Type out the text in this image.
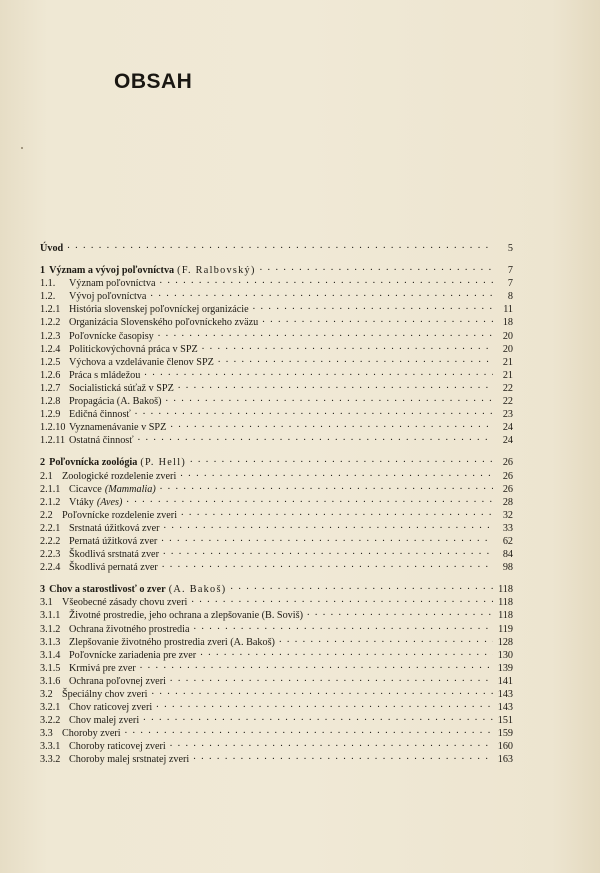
OBSAH
Úvod . . .	5
1 Význam a vývoj poľovníctva (F. Ralbovský) . . .	7
1.1.	Význam poľovníctva . . .	7
1.2.	Vývoj poľovníctva . . .	8
1.2.1 História slovenskej poľovníckej organizácie . . .	11
1.2.2 Organizácia Slovenského poľovníckeho zväzu . . .	18
1.2.3 Poľovnícke časopisy . . .	20
1.2.4 Politickovýchovná práca v SPZ . . .	20
1.2.5 Výchova a vzdelávanie členov SPZ . . .	21
1.2.6 Práca s mládežou . . .	21
1.2.7 Socialistická súťaž v SPZ . . .	22
1.2.8 Propagácia (A. Bakoš) . . .	22
1.2.9 Edičná činnosť . . .	23
1.2.10 Vyznamenávanie v SPZ . . .	24
1.2.11 Ostatná činnosť . . .	24
2 Poľovnícka zoológia (P. Hell) . . .	26
2.1 Zoologické rozdelenie zveri . . .	26
2.1.1 Cicavce (Mammalia) . . .	26
2.1.2 Vtáky (Aves) . . .	28
2.2 Poľovnícke rozdelenie zveri . . .	32
2.2.1 Srstnatá úžitková zver . . .	33
2.2.2 Pernatá úžitková zver . . .	62
2.2.3 Škodlivá srstnatá zver . . .	84
2.2.4 Škodlivá pernatá zver . . .	98
3 Chov a starostlivosť o zver (A. Bakoš) . . .	118
3.1 Všeobecné zásady chovu zveri . . .	118
3.1.1 Životné prostredie, jeho ochrana a zlepšovanie (B. Soviš) . . .	118
3.1.2 Ochrana životného prostredia . . .	119
3.1.3 Zlepšovanie životného prostredia zveri (A. Bakoš) . . .	128
3.1.4 Poľovnícke zariadenia pre zver . . .	130
3.1.5 Krmivá pre zver . . .	139
3.1.6 Ochrana poľovnej zveri . . .	141
3.2 Špeciálny chov zveri . . .	143
3.2.1 Chov raticovej zveri . . .	143
3.2.2 Chov malej zveri . . .	151
3.3 Choroby zveri . . .	159
3.3.1 Choroby raticovej zveri . . .	160
3.3.2 Choroby malej srstnatej zveri . . .	163
